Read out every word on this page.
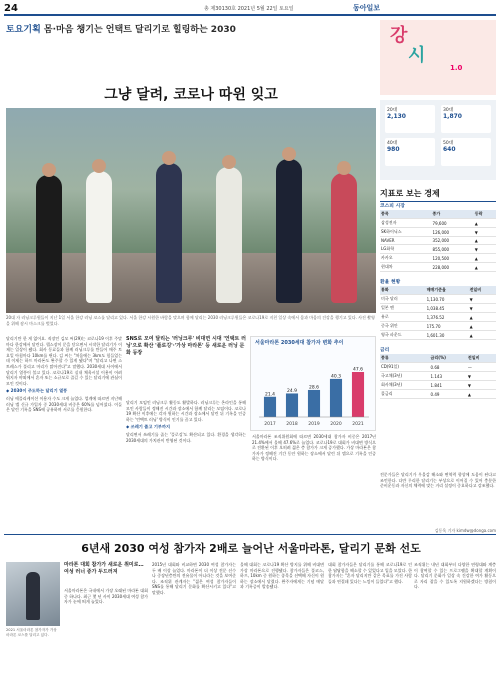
24	총 제30130호 2021년 5월 22일 토요일	동아일보
토요기획 몸·마음 챙기는 언택트 달리기로 힐링하는 2030
그냥 달려, 코로나 따윈 잊고
20대 자 러닝크루원들이 지난 1일 서울 한강 러닝 코스를 달리고 있다. 서울 한강 시원한 바람을 맞으며 함께 달리는 2030 러닝크루원들은 코로나19로 지친 일상 속에서 몸과 마음의 건강을 챙기고 있다. 사진 촬영을 위해 잠시 마스크를 벗었다.
강
시
1.0
20대
2,130
30대
1,870
40대
980
50대
640
지표로 보는 경제
코스피 시장
종목	종가	등락
삼성전자	79,600	▲
SK하이닉스	126,000	▼
NAVER	352,000	▲
LG화학	855,000	▼
카카오	120,500	▲
현대차	228,000	▲
환율 현황
통화	매매기준율	전일비
미국 달러	1,130.70	▼
일본 엔	1,038.45	▼
유로	1,376.52	▲
중국 위안	175.70	▲
영국 파운드	1,601.30	▲
금리
종류	금리(%)	전일비
CD(91일)	0.68	—
국고채(3년)	1.143	▼
회사채(3년)	1.841	▼
콜금리	0.49	▲
달리기만 한 게 없어요. 직장인 김모 씨(29)는 코로나19 이후 주말마다 한강에서 달린다. 헬스장이 문을 닫으면서 시작한 달리기가 이제는 일상이 됐다. 회사 동료들과 함께 러닝크루를 만들어 매주 토요일 아침마다 10km를 뛴다. 김 씨는 "처음에는 3km도 힘들었는데 이제는 하프 마라톤도 완주할 수 있게 됐다"며 "달리고 나면 스트레스가 풀리고 머리가 맑아진다"고 말했다. 2030세대 사이에서 달리기 열풍이 불고 있다. 코로나19로 실내 체육시설 이용이 어려워지자 야외에서 혼자 또는 소규모로 즐길 수 있는 달리기에 관심이 모인 것이다.
◆ 2030이 주도하는 달리기 열풍
러닝 애플리케이션 이용자 수도 크게 늘었다. 업계에 따르면 지난해 러닝 앱 신규 가입자 중 2030세대 비중은 60%를 넘어섰다. 이들은 달린 기록을 SNS에 공유하며 서로를 응원한다.
SNS로 모여 달리는 '러닝크루' 비대면 시대 '언택트 러닝'으로 확산 '플로깅'·'가상 마라톤' 등 새로운 러닝 문화 등장
서울마라톤 2030세대 참가자 변화 추이
21.4
2017
24.9
2018
28.6
2019
40.3
2020
47.6
2021
달리기 모임인 러닝크루 활동도 활발하다. 러닝크루는 온라인을 통해 모인 사람들이 정해진 시간과 장소에서 함께 달리는 모임이다. 코로나19 확산 이후에는 각자 원하는 시간과 장소에서 달린 뒤 기록을 인증하는 '언택트 러닝' 방식이 인기를 끌고 있다.
◆ 쓰레기 줍고 기부까지
달리면서 쓰레기를 줍는 '플로깅'도 확산되고 있다. 환경을 생각하는 2030세대의 가치관이 반영된 것이다.
서울마라톤 조직위원회에 따르면 2030세대 참가자 비중은 2017년 21.4%에서 올해 47.6%로 늘었다. 코로나19로 대회가 비대면 방식으로 전환된 이후 오히려 젊은 층 참가가 크게 증가했다. 가상 마라톤은 참가자가 정해진 기간 동안 원하는 장소에서 달린 뒤 앱으로 기록을 인증하는 방식이다.
전문가들은 달리기가 우울감 해소와 면역력 향상에 도움이 된다고 조언한다. 다만 무리한 달리기는 부상으로 이어질 수 있어 충분한 준비운동과 자신의 체력에 맞는 거리 설정이 중요하다고 강조했다.
김동욱 기자 kimdw@donga.com
6년새 2030 여성 참가자 2배로 늘어난 서울마라톤, 달리기 문화 선도
2021 서울마라톤 참가자가 가상 마라톤 코스를 달리고 있다.
마라톤 대회 참가가 새로운 취미로… 여성 러너 증가 두드러져
서울마라톤은 국내에서 가장 오래된 마라톤 대회 중 하나다. 최근 몇 년 사이 2030세대 여성 참가자가 눈에 띄게 늘었다.
2015년 대회와 비교하면 2030 여성 참가자는 두 배 이상 늘었다. 마라톤이 더 이상 전문 선수나 중장년층만의 전유물이 아니라는 것을 보여준다. 조직위 관계자는 "젊은 여성 참가자들이 SNS를 통해 달리기 문화를 확산시키고 있다"고 말했다.
올해 대회는 코로나19 확산 방지를 위해 비대면 가상 마라톤으로 진행됐다. 참가자들은 풀코스, 하프, 10km 중 원하는 종목을 선택해 자신이 원하는 장소에서 달렸다. 완주자에게는 기념 메달과 기록증이 발송됐다.
대회 참가자들은 달리기를 통해 코로나19로 인한 답답함을 해소할 수 있었다고 입을 모았다. 한 참가자는 "혼자 달리지만 같은 목표를 가진 사람들과 연결돼 있다는 느낌이 들었다"고 했다.
조직위는 내년 대회부터 다양한 연령대와 계층이 참여할 수 있는 프로그램을 확대할 계획이다. 달리기 문화가 일상 속 건강한 여가 활동으로 자리 잡을 수 있도록 지원하겠다는 방침이다.
